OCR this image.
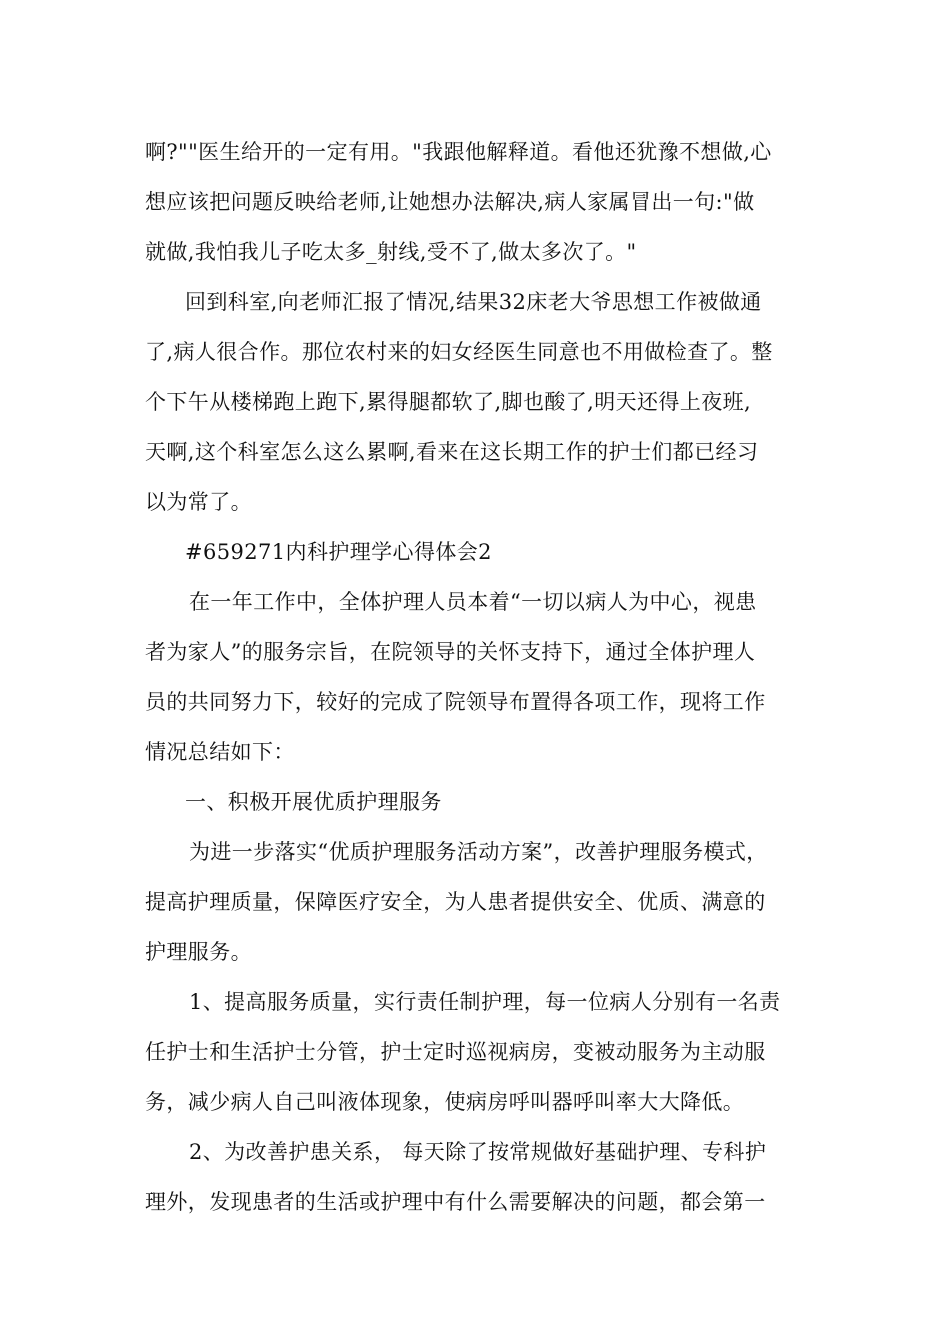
啊?""医生给开的一定有用。"我跟他解释道。看他还犹豫不想做,心
想应该把问题反映给老师,让她想办法解决,病人家属冒出一句:"做
就做,我怕我儿子吃太多_射线,受不了,做太多次了。"
回到科室,向老师汇报了情况,结果32床老大爷思想工作被做通
了,病人很合作。那位农村来的妇女经医生同意也不用做检查了。整
个下午从楼梯跑上跑下,累得腿都软了,脚也酸了,明天还得上夜班,
天啊,这个科室怎么这么累啊,看来在这长期工作的护士们都已经习
以为常了。
#659271内科护理学心得体会2
在一年工作中，全体护理人员本着“一切以病人为中心，视患
者为家人”的服务宗旨，在院领导的关怀支持下，通过全体护理人
员的共同努力下，较好的完成了院领导布置得各项工作，现将工作
情况总结如下：
一、积极开展优质护理服务
为进一步落实“优质护理服务活动方案”，改善护理服务模式，
提高护理质量，保障医疗安全，为人患者提供安全、优质、满意的
护理服务。
1、提高服务质量，实行责任制护理，每一位病人分别有一名责
任护士和生活护士分管，护士定时巡视病房，变被动服务为主动服
务，减少病人自己叫液体现象，使病房呼叫器呼叫率大大降低。
2、为改善护患关系， 每天除了按常规做好基础护理、专科护
理外，发现患者的生活或护理中有什么需要解决的问题，都会第一
